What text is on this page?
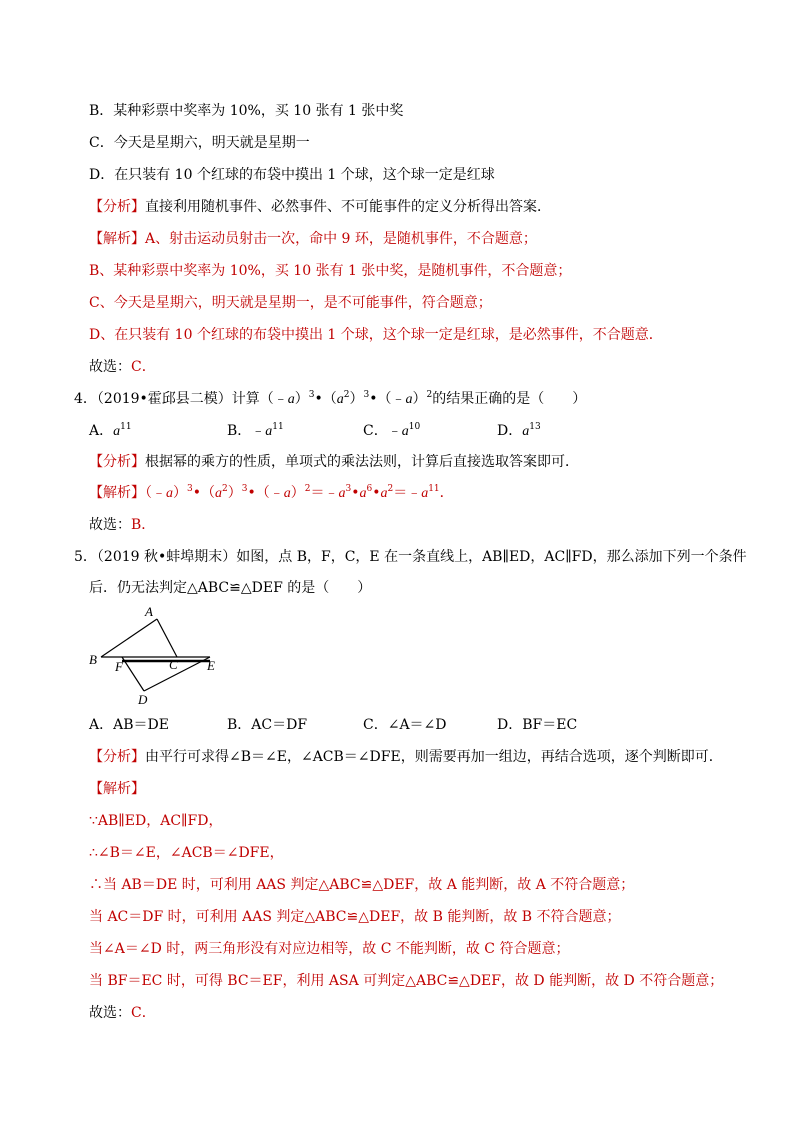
B．某种彩票中奖率为 10%，买 10 张有 1 张中奖
C．今天是星期六，明天就是星期一
D．在只装有 10 个红球的布袋中摸出 1 个球，这个球一定是红球
【分析】直接利用随机事件、必然事件、不可能事件的定义分析得出答案．
【解析】A、射击运动员射击一次，命中 9 环，是随机事件，不合题意；
B、某种彩票中奖率为 10%，买 10 张有 1 张中奖，是随机事件，不合题意；
C、今天是星期六，明天就是星期一，是不可能事件，符合题意；
D、在只装有 10 个红球的布袋中摸出 1 个球，这个球一定是红球，是必然事件，不合题意．
故选：C．
4．（2019•霍邱县二模）计算$(﹣a)^3•(a^2)^3•(﹣a)^2$的结果正确的是（　　）
A．$a^{11}$	B．$﹣a^{11}$	C．$﹣a^{10}$	D．$a^{13}$
【分析】根据幂的乘方的性质，单项式的乘法法则，计算后直接选取答案即可．
【解析】$(﹣a)^3•(a^2)^3•(﹣a)^2=﹣a^3•a^6•a^2=﹣a^{11}$．
故选：B．
5．（2019 秋•蚌埠期末）如图，点 B，F，C，E 在一条直线上，AB∥ED，AC∥FD，那么添加下列一个条件
后．仍无法判定△ABC≌△DEF 的是（　　）
A
B F	C E
D
A．AB＝DE	B．AC＝DF	C．∠A＝∠D	D．BF＝EC
【分析】由平行可求得∠B＝∠E，∠ACB＝∠DFE，则需要再加一组边，再结合选项，逐个判断即可．
【解析】
∵AB∥ED，AC∥FD，
∴∠B＝∠E，∠ACB＝∠DFE，
∴当 AB＝DE 时，可利用 AAS 判定△ABC≌△DEF，故 A 能判断，故 A 不符合题意；
当 AC＝DF 时，可利用 AAS 判定△ABC≌△DEF，故 B 能判断，故 B 不符合题意；
当∠A＝∠D 时，两三角形没有对应边相等，故 C 不能判断，故 C 符合题意；
当 BF＝EC 时，可得 BC＝EF，利用 ASA 可判定△ABC≌△DEF，故 D 能判断，故 D 不符合题意；
故选：C．
